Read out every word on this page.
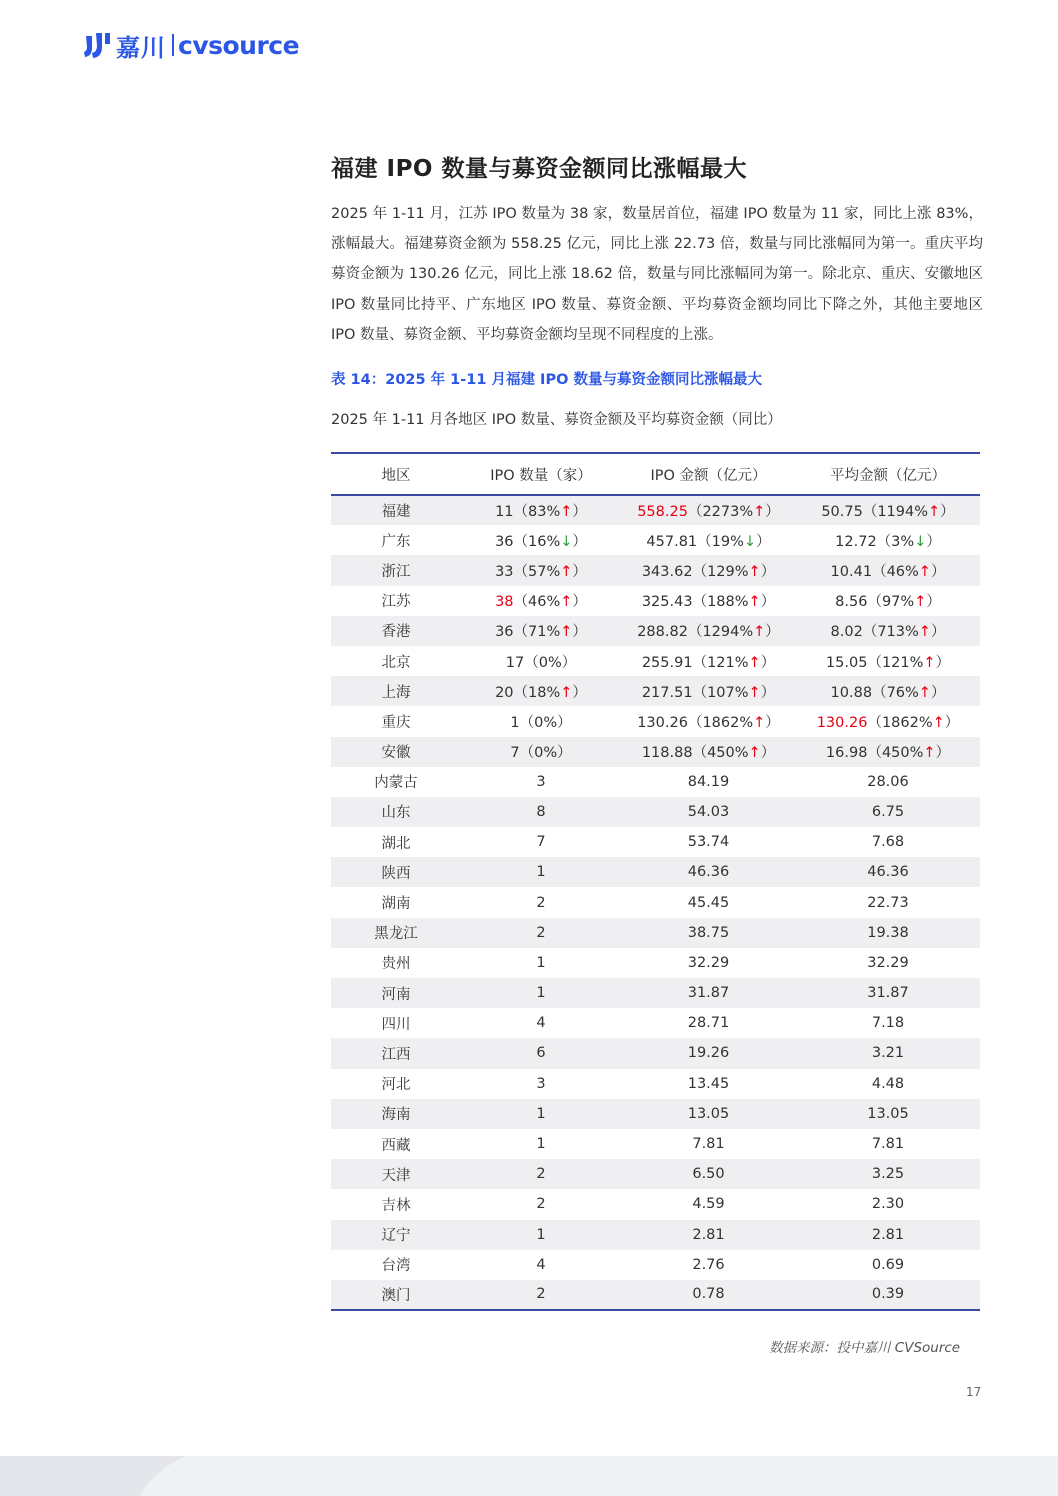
嘉川 cvsource
福建 IPO 数量与募资金额同比涨幅最大

2025 年 1-11 月，江苏 IPO 数量为 38 家，数量居首位，福建 IPO 数量为 11 家，同比上涨 83%，涨幅最大。福建募资金额为 558.25 亿元，同比上涨 22.73 倍，数量与同比涨幅同为第一。重庆平均募资金额为 130.26 亿元，同比上涨 18.62 倍，数量与同比涨幅同为第一。除北京、重庆、安徽地区 IPO 数量同比持平、广东地区 IPO 数量、募资金额、平均募资金额均同比下降之外，其他主要地区 IPO 数量、募资金额、平均募资金额均呈现不同程度的上涨。

表 14：2025 年 1-11 月福建 IPO 数量与募资金额同比涨幅最大
2025 年 1-11 月各地区 IPO 数量、募资金额及平均募资金额（同比）
地区	IPO 数量（家）	IPO 金额（亿元）	平均金额（亿元）
福建	11（83%↑）	558.25（2273%↑）	50.75（1194%↑）
广东	36（16%↓）	457.81（19%↓）	12.72（3%↓）
浙江	33（57%↑）	343.62（129%↑）	10.41（46%↑）
江苏	38（46%↑）	325.43（188%↑）	8.56（97%↑）
香港	36（71%↑）	288.82（1294%↑）	8.02（713%↑）
北京	17（0%）	255.91（121%↑）	15.05（121%↑）
上海	20（18%↑）	217.51（107%↑）	10.88（76%↑）
重庆	1（0%）	130.26（1862%↑）	130.26（1862%↑）
安徽	7（0%）	118.88（450%↑）	16.98（450%↑）
内蒙古	3	84.19	28.06
山东	8	54.03	6.75
湖北	7	53.74	7.68
陕西	1	46.36	46.36
湖南	2	45.45	22.73
黑龙江	2	38.75	19.38
贵州	1	32.29	32.29
河南	1	31.87	31.87
四川	4	28.71	7.18
江西	6	19.26	3.21
河北	3	13.45	4.48
海南	1	13.05	13.05
西藏	1	7.81	7.81
天津	2	6.50	3.25
吉林	2	4.59	2.30
辽宁	1	2.81	2.81
台湾	4	2.76	0.69
澳门	2	0.78	0.39
数据来源：投中嘉川 CVSource
17
